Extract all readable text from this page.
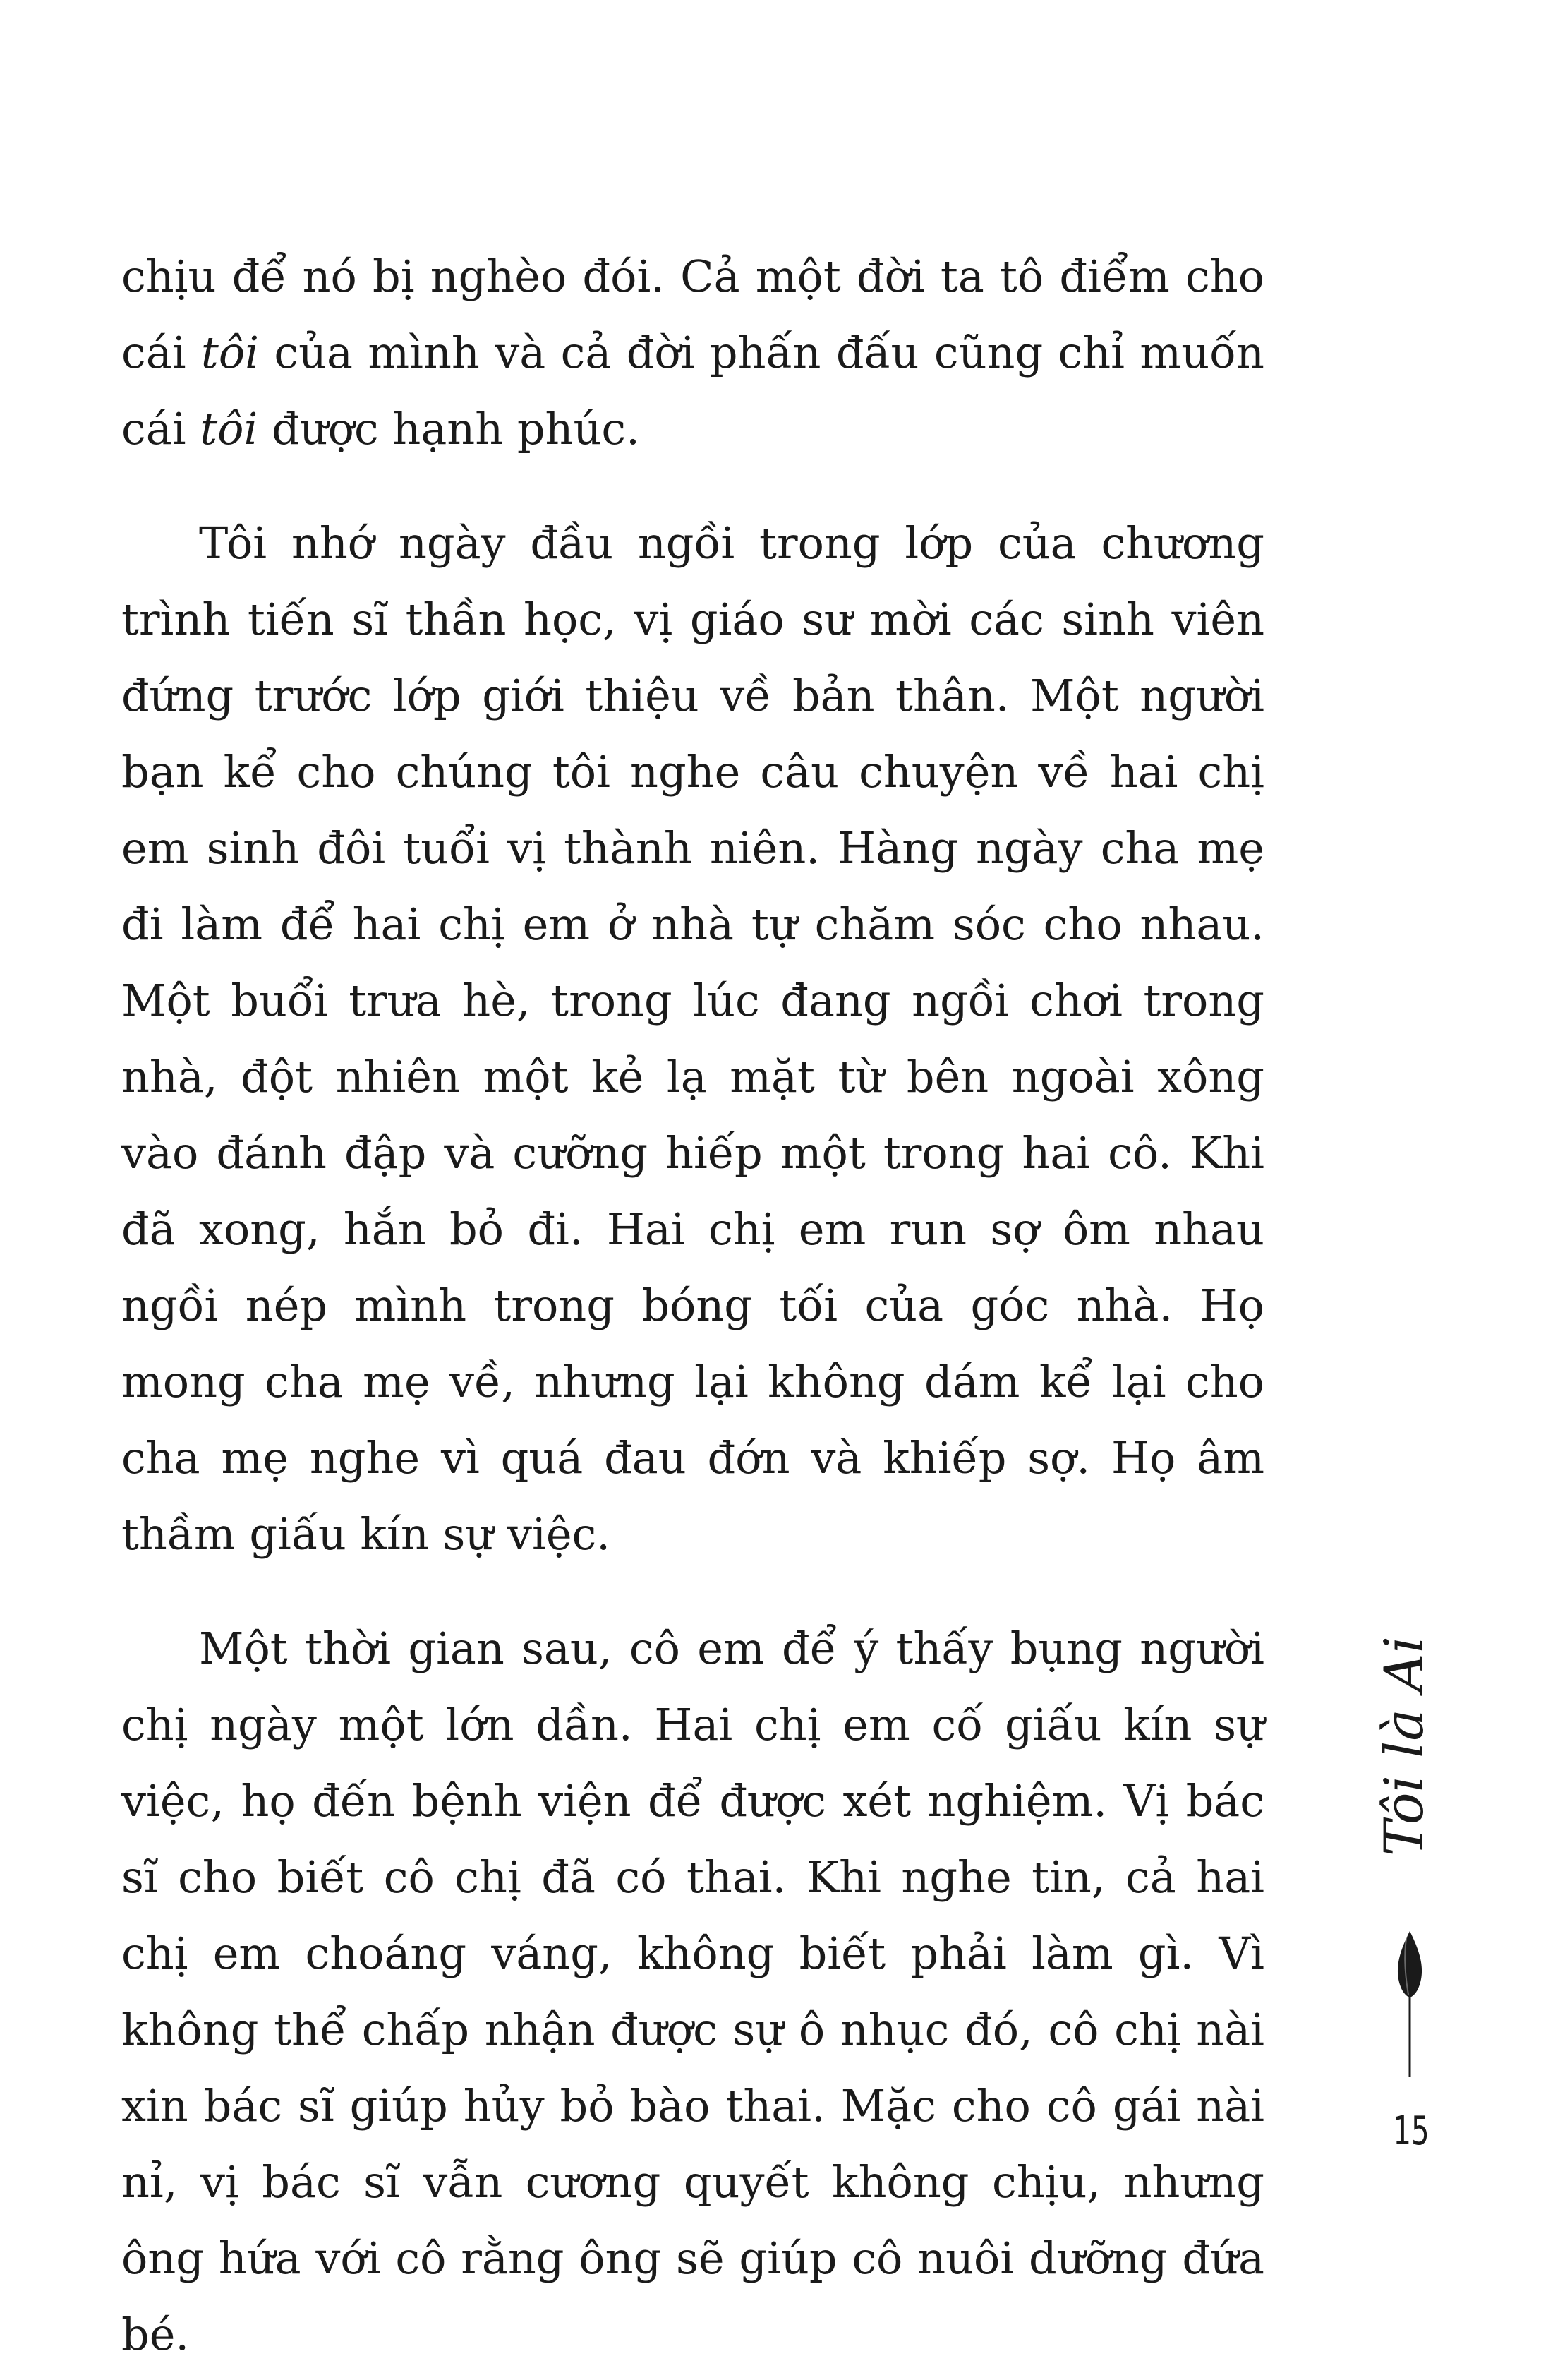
chịu để nó bị nghèo đói. Cả một đời ta tô điểm cho cái tôi của mình và cả đời phấn đấu cũng chỉ muốn cái tôi được hạnh phúc.

Tôi nhớ ngày đầu ngồi trong lớp của chương trình tiến sĩ thần học, vị giáo sư mời các sinh viên đứng trước lớp giới thiệu về bản thân. Một người bạn kể cho chúng tôi nghe câu chuyện về hai chị em sinh đôi tuổi vị thành niên. Hàng ngày cha mẹ đi làm để hai chị em ở nhà tự chăm sóc cho nhau. Một buổi trưa hè, trong lúc đang ngồi chơi trong nhà, đột nhiên một kẻ lạ mặt từ bên ngoài xông vào đánh đập và cưỡng hiếp một trong hai cô. Khi đã xong, hắn bỏ đi. Hai chị em run sợ ôm nhau ngồi nép mình trong bóng tối của góc nhà. Họ mong cha mẹ về, nhưng lại không dám kể lại cho cha mẹ nghe vì quá đau đớn và khiếp sợ. Họ âm thầm giấu kín sự việc.

Một thời gian sau, cô em để ý thấy bụng người chị ngày một lớn dần. Hai chị em cố giấu kín sự việc, họ đến bệnh viện để được xét nghiệm. Vị bác sĩ cho biết cô chị đã có thai. Khi nghe tin, cả hai chị em choáng váng, không biết phải làm gì. Vì không thể chấp nhận được sự ô nhục đó, cô chị nài xin bác sĩ giúp hủy bỏ bào thai. Mặc cho cô gái nài nỉ, vị bác sĩ vẫn cương quyết không chịu, nhưng ông hứa với cô rằng ông sẽ giúp cô nuôi dưỡng đứa bé.

Tôi là Ai
15
